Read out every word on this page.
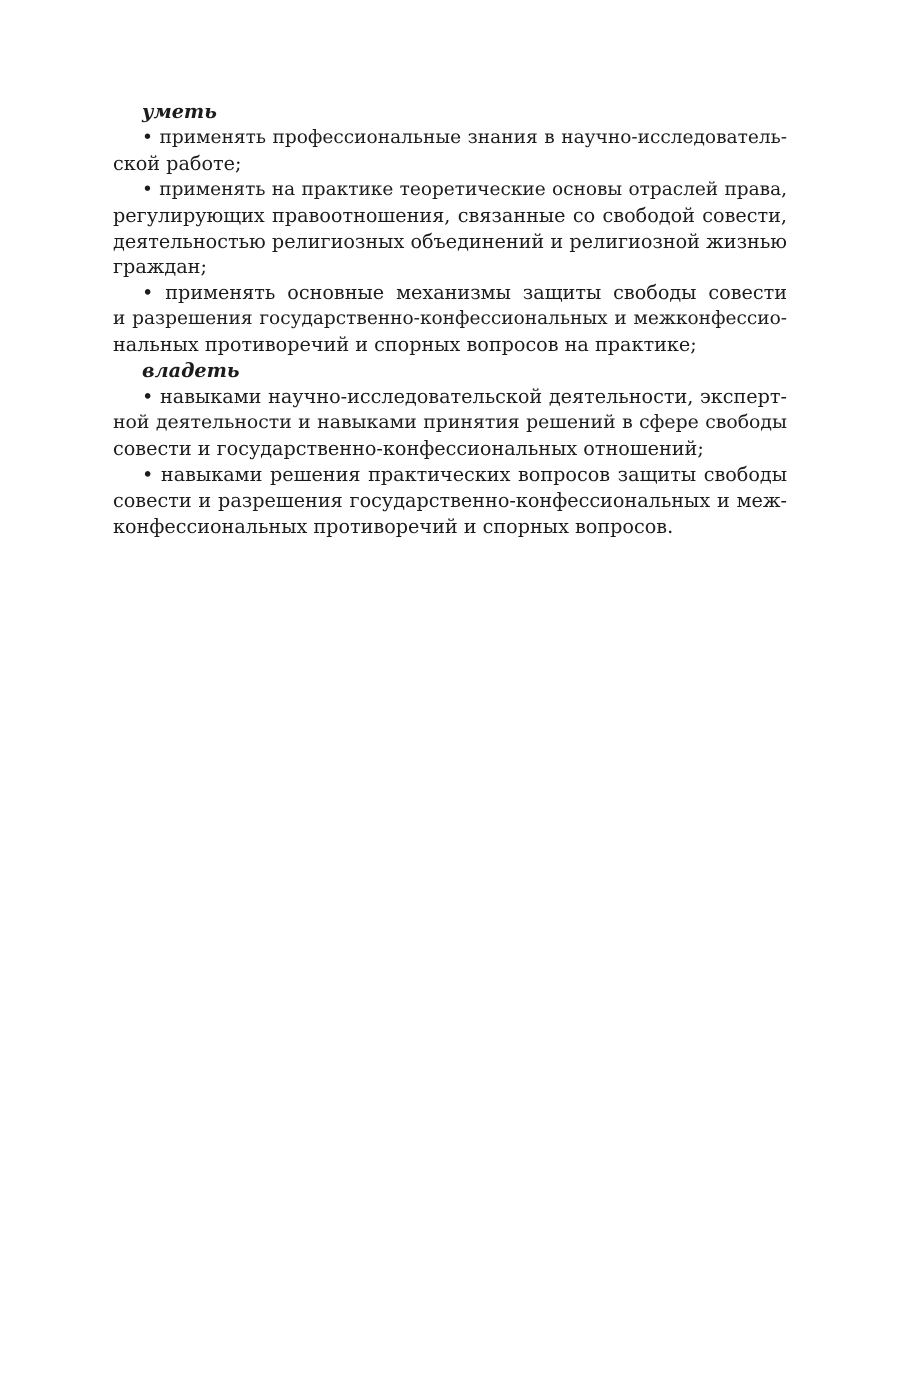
уметь

• применять профессиональные знания в научно-исследователь-
ской работе;
• применять на практике теоретические основы отраслей права,
регулирующих правоотношения, связанные со свободой совести,
деятельностью религиозных объединений и религиозной жизнью
граждан;
• применять основные механизмы защиты свободы совести
и разрешения государственно-конфессиональных и межконфессио-
нальных противоречий и спорных вопросов на практике;

владеть

• навыками научно-исследовательской деятельности, эксперт-
ной деятельности и навыками принятия решений в сфере свободы
совести и государственно-конфессиональных отношений;
• навыками решения практических вопросов защиты свободы
совести и разрешения государственно-конфессиональных и меж-
конфессиональных противоречий и спорных вопросов.
